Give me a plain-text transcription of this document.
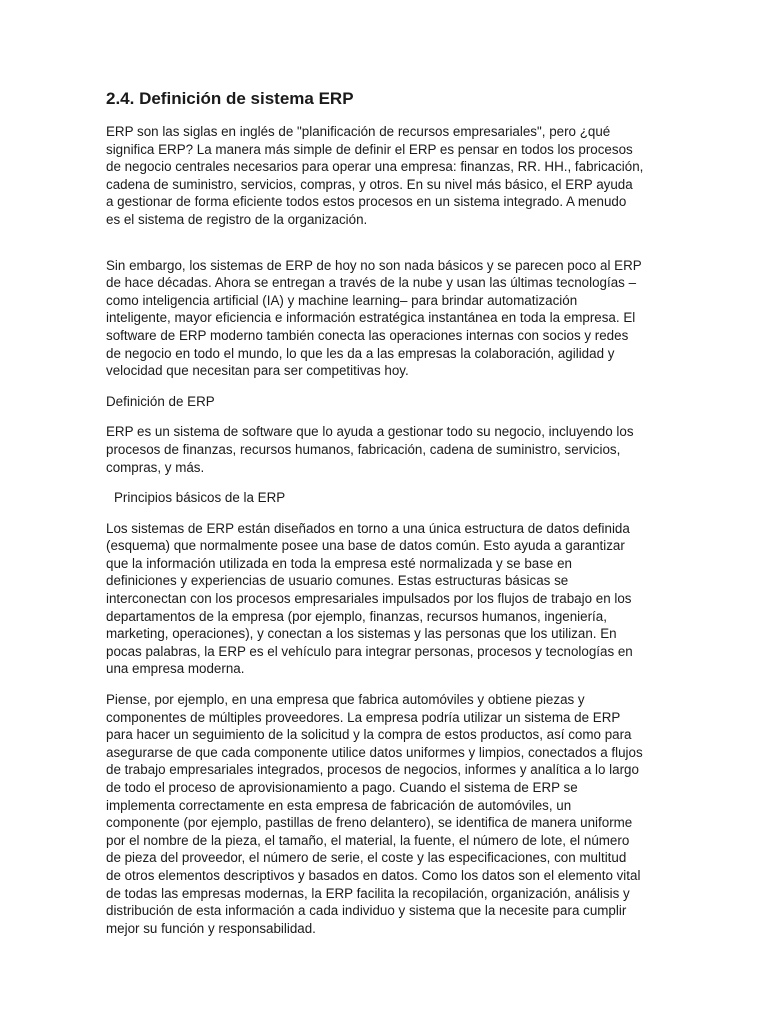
2.4. Definición de sistema ERP

ERP son las siglas en inglés de "planificación de recursos empresariales", pero ¿qué
significa ERP? La manera más simple de definir el ERP es pensar en todos los procesos
de negocio centrales necesarios para operar una empresa: finanzas, RR. HH., fabricación,
cadena de suministro, servicios, compras, y otros. En su nivel más básico, el ERP ayuda
a gestionar de forma eficiente todos estos procesos en un sistema integrado. A menudo
es el sistema de registro de la organización.

Sin embargo, los sistemas de ERP de hoy no son nada básicos y se parecen poco al ERP
de hace décadas. Ahora se entregan a través de la nube y usan las últimas tecnologías –
como inteligencia artificial (IA) y machine learning– para brindar automatización
inteligente, mayor eficiencia e información estratégica instantánea en toda la empresa. El
software de ERP moderno también conecta las operaciones internas con socios y redes
de negocio en todo el mundo, lo que les da a las empresas la colaboración, agilidad y
velocidad que necesitan para ser competitivas hoy.

Definición de ERP

ERP es un sistema de software que lo ayuda a gestionar todo su negocio, incluyendo los
procesos de finanzas, recursos humanos, fabricación, cadena de suministro, servicios,
compras, y más.

Principios básicos de la ERP

Los sistemas de ERP están diseñados en torno a una única estructura de datos definida
(esquema) que normalmente posee una base de datos común. Esto ayuda a garantizar
que la información utilizada en toda la empresa esté normalizada y se base en
definiciones y experiencias de usuario comunes. Estas estructuras básicas se
interconectan con los procesos empresariales impulsados por los flujos de trabajo en los
departamentos de la empresa (por ejemplo, finanzas, recursos humanos, ingeniería,
marketing, operaciones), y conectan a los sistemas y las personas que los utilizan. En
pocas palabras, la ERP es el vehículo para integrar personas, procesos y tecnologías en
una empresa moderna.

Piense, por ejemplo, en una empresa que fabrica automóviles y obtiene piezas y
componentes de múltiples proveedores. La empresa podría utilizar un sistema de ERP
para hacer un seguimiento de la solicitud y la compra de estos productos, así como para
asegurarse de que cada componente utilice datos uniformes y limpios, conectados a flujos
de trabajo empresariales integrados, procesos de negocios, informes y analítica a lo largo
de todo el proceso de aprovisionamiento a pago. Cuando el sistema de ERP se
implementa correctamente en esta empresa de fabricación de automóviles, un
componente (por ejemplo, pastillas de freno delantero), se identifica de manera uniforme
por el nombre de la pieza, el tamaño, el material, la fuente, el número de lote, el número
de pieza del proveedor, el número de serie, el coste y las especificaciones, con multitud
de otros elementos descriptivos y basados en datos. Como los datos son el elemento vital
de todas las empresas modernas, la ERP facilita la recopilación, organización, análisis y
distribución de esta información a cada individuo y sistema que la necesite para cumplir
mejor su función y responsabilidad.
